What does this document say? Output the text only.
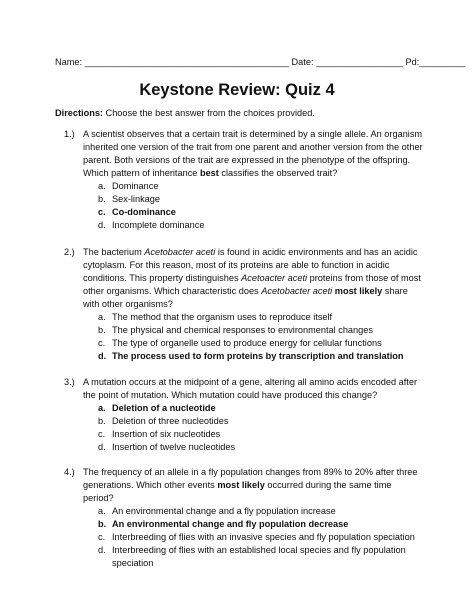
Name: ________________________________________ Date: _________________ Pd:_________
Keystone Review: Quiz 4
Directions: Choose the best answer from the choices provided.
1.) A scientist observes that a certain trait is determined by a single allele. An organism inherited one version of the trait from one parent and another version from the other parent. Both versions of the trait are expressed in the phenotype of the offspring. Which pattern of inheritance best classifies the observed trait?
a. Dominance
b. Sex-linkage
c. Co-dominance
d. Incomplete dominance
2.) The bacterium Acetobacter aceti is found in acidic environments and has an acidic cytoplasm. For this reason, most of its proteins are able to function in acidic conditions. This property distinguishes Acetoacter aceti proteins from those of most other organisms. Which characteristic does Acetobacter aceti most likely share with other organisms?
a. The method that the organism uses to reproduce itself
b. The physical and chemical responses to environmental changes
c. The type of organelle used to produce energy for cellular functions
d. The process used to form proteins by transcription and translation
3.) A mutation occurs at the midpoint of a gene, altering all amino acids encoded after the point of mutation. Which mutation could have produced this change?
a. Deletion of a nucleotide
b. Deletion of three nucleotides
c. Insertion of six nucleotides
d. Insertion of twelve nucleotides
4.) The frequency of an allele in a fly population changes from 89% to 20% after three generations. Which other events most likely occurred during the same time period?
a. An environmental change and a fly population increase
b. An environmental change and fly population decrease
c. Interbreeding of flies with an invasive species and fly population speciation
d. Interbreeding of flies with an established local species and fly population speciation
